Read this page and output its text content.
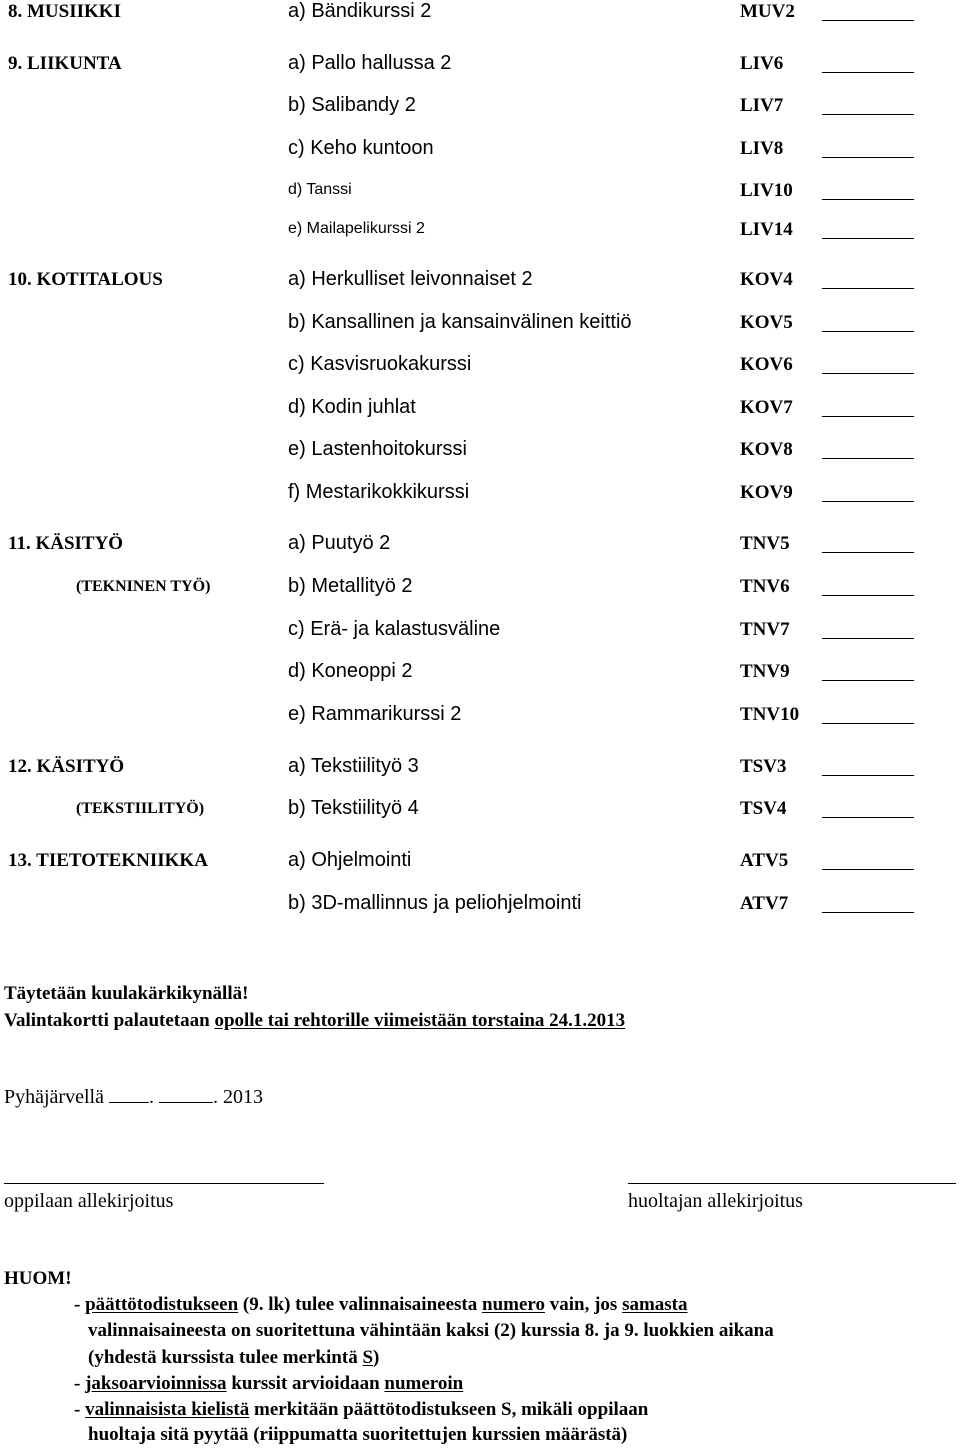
8. MUSIIKKI	a) Bändikurssi 2	MUV2
9. LIIKUNTA	a) Pallo hallussa 2	LIV6
b) Salibandy 2	LIV7
c) Keho kuntoon	LIV8
d) Tanssi	LIV10
e) Mailapelikurssi 2	LIV14
10. KOTITALOUS	a) Herkulliset leivonnaiset 2	KOV4
b) Kansallinen ja kansainvälinen keittiö	KOV5
c) Kasvisruokakurssi	KOV6
d) Kodin juhlat	KOV7
e) Lastenhoitokurssi	KOV8
f) Mestarikokkikurssi	KOV9
11. KÄSITYÖ	a) Puutyö 2	TNV5
(TEKNINEN TYÖ)	b) Metallityö 2	TNV6
c) Erä- ja kalastusväline	TNV7
d) Koneoppi 2	TNV9
e) Rammarikurssi 2	TNV10
12. KÄSITYÖ	a) Tekstiilityö 3	TSV3
(TEKSTIILITYÖ)	b) Tekstiilityö 4	TSV4
13. TIETOTEKNIIKKA	a) Ohjelmointi	ATV5
b) 3D-mallinnus ja peliohjelmointi	ATV7
Täytetään kuulakärkikynällä!
Valintakortti palautetaan opolle tai rehtorille viimeistään torstaina 24.1.2013
Pyhäjärvellä .	. 2013
oppilaan allekirjoitus	huoltajan allekirjoitus
HUOM!
- päättötodistukseen (9. lk) tulee valinnaisaineesta numero vain, jos samasta
valinnaisaineesta on suoritettuna vähintään kaksi (2) kurssia 8. ja 9. luokkien aikana
(yhdestä kurssista tulee merkintä S)
- jaksoarvioinnissa kurssit arvioidaan numeroin
- valinnaisista kielistä merkitään päättötodistukseen S, mikäli oppilaan
huoltaja sitä pyytää (riippumatta suoritettujen kurssien määrästä)
